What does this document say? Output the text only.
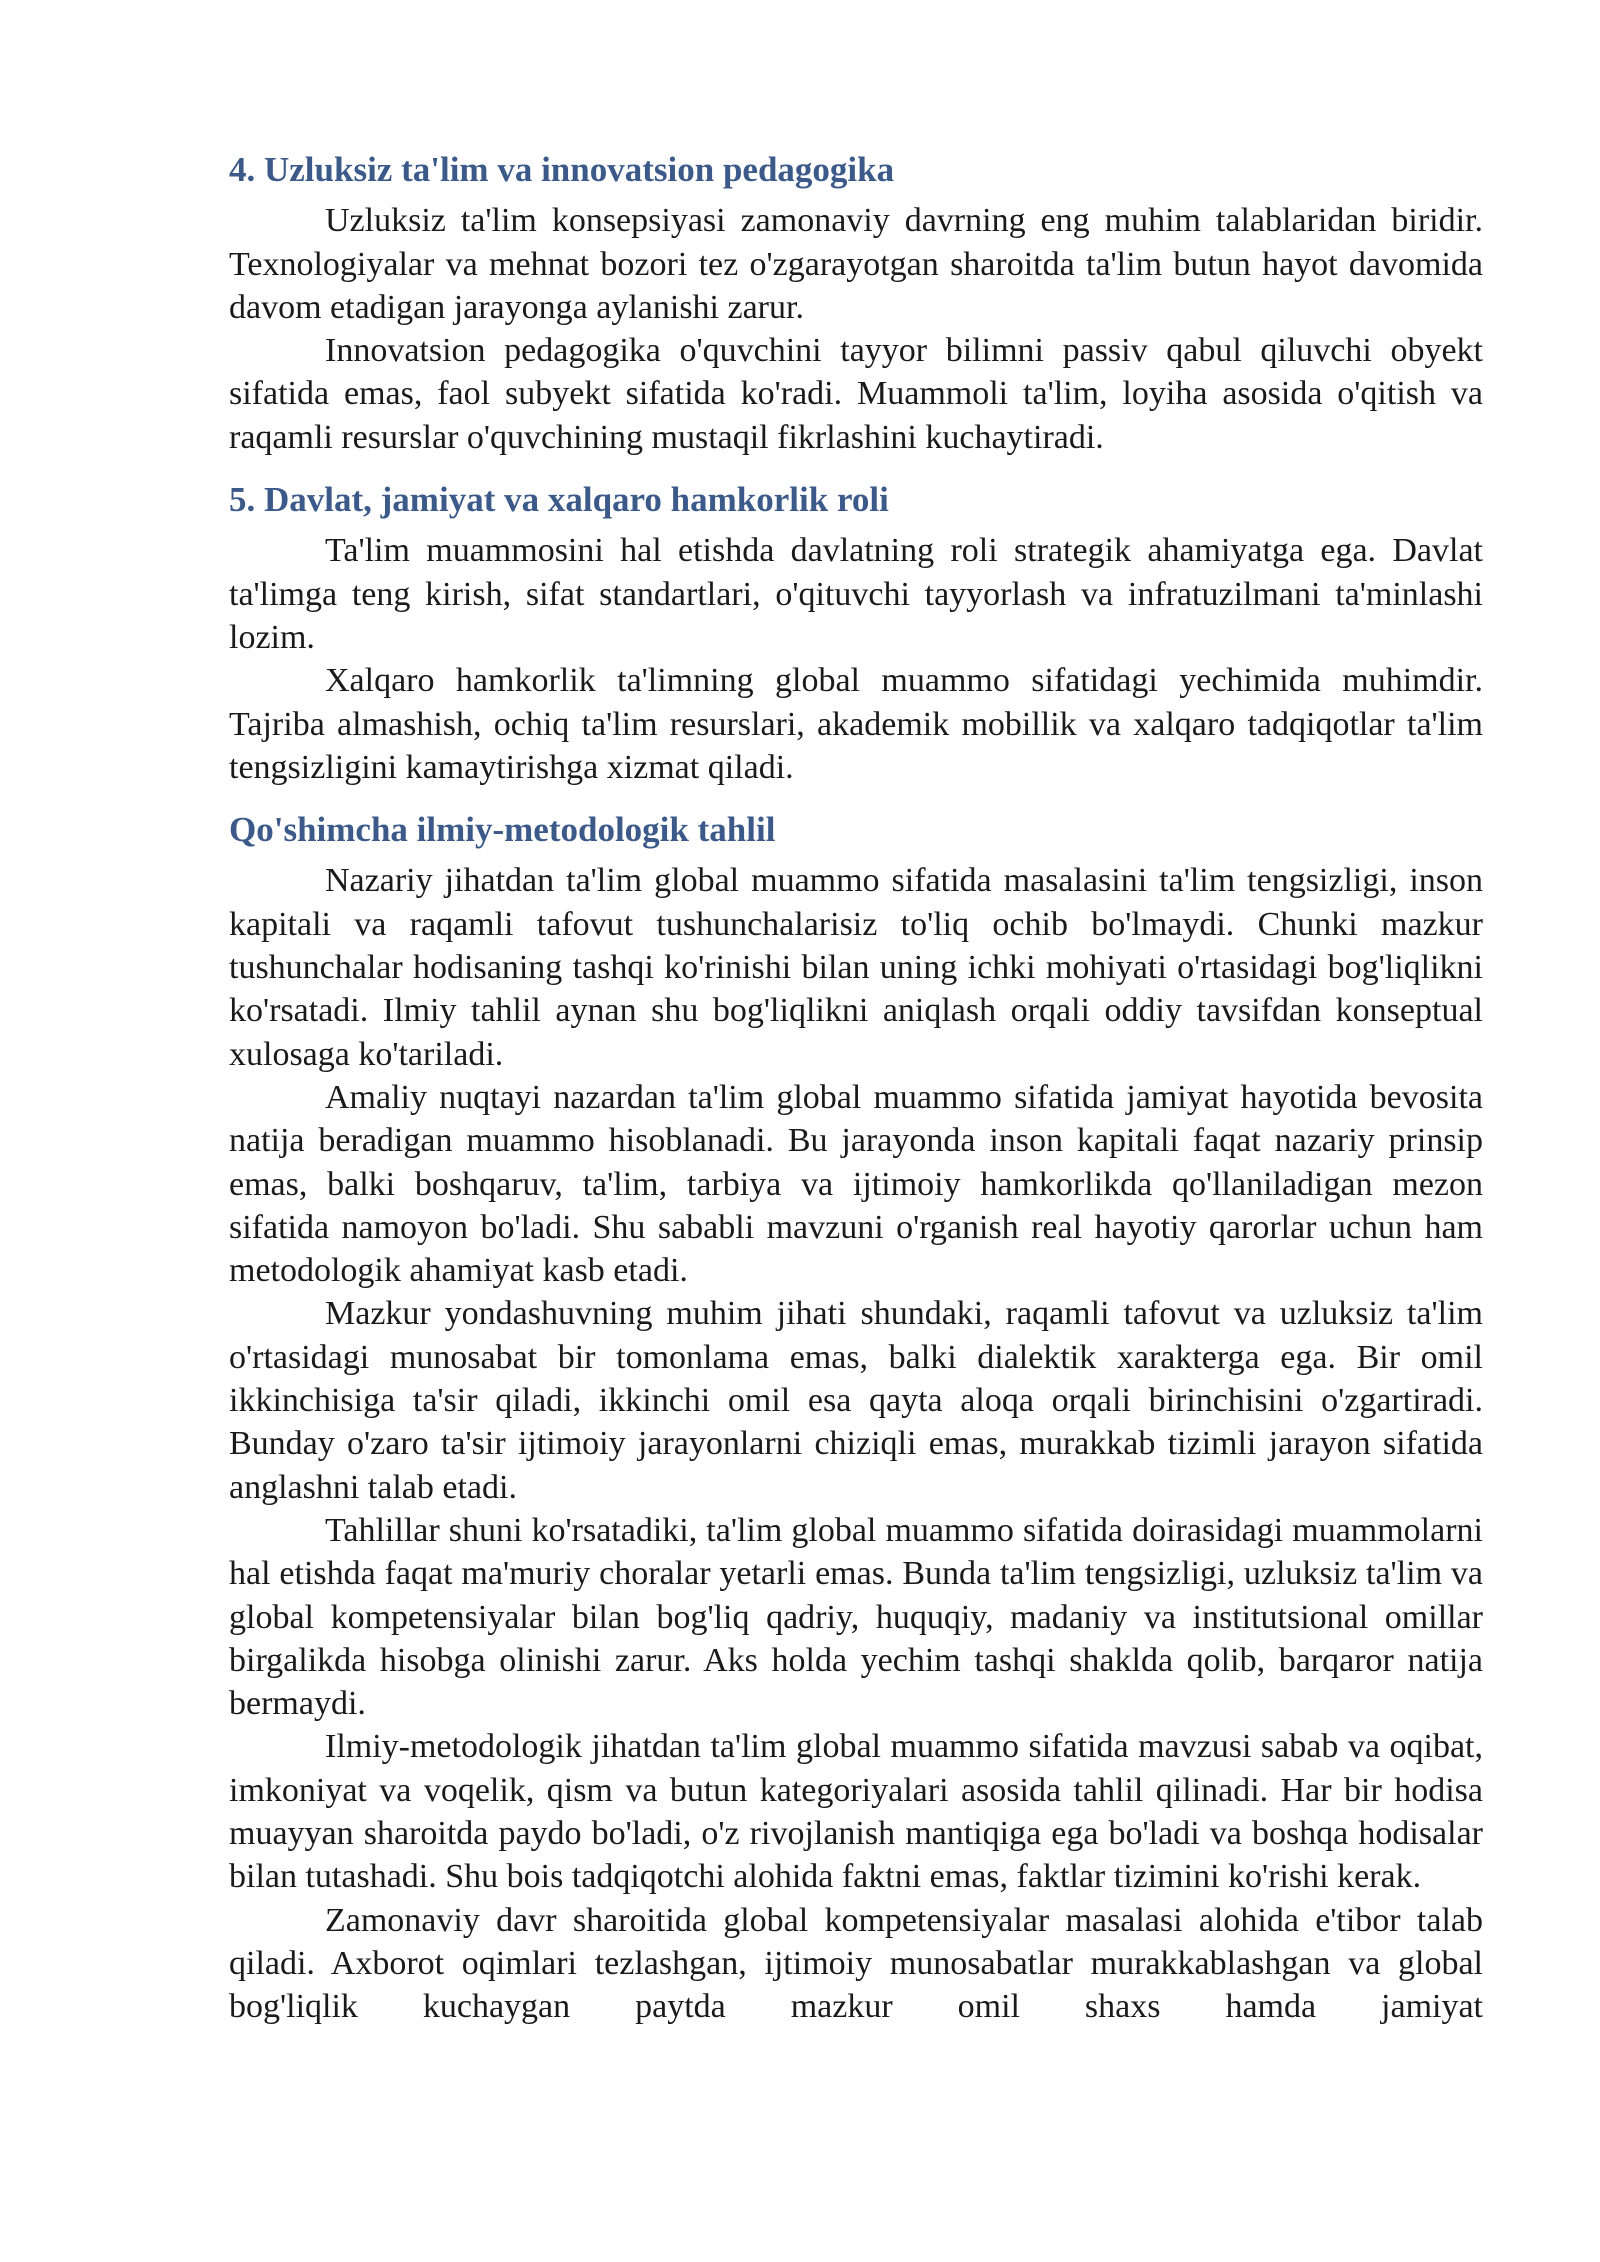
4. Uzluksiz ta'lim va innovatsion pedagogika

Uzluksiz ta'lim konsepsiyasi zamonaviy davrning eng muhim talablaridan biridir. Texnologiyalar va mehnat bozori tez o'zgarayotgan sharoitda ta'lim butun hayot davomida davom etadigan jarayonga aylanishi zarur.

Innovatsion pedagogika o'quvchini tayyor bilimni passiv qabul qiluvchi obyekt sifatida emas, faol subyekt sifatida ko'radi. Muammoli ta'lim, loyiha asosida o'qitish va raqamli resurslar o'quvchining mustaqil fikrlashini kuchaytiradi.

5. Davlat, jamiyat va xalqaro hamkorlik roli

Ta'lim muammosini hal etishda davlatning roli strategik ahamiyatga ega. Davlat ta'limga teng kirish, sifat standartlari, o'qituvchi tayyorlash va infratuzilmani ta'minlashi lozim.

Xalqaro hamkorlik ta'limning global muammo sifatidagi yechimida muhimdir. Tajriba almashish, ochiq ta'lim resurslari, akademik mobillik va xalqaro tadqiqotlar ta'lim tengsizligini kamaytirishga xizmat qiladi.

Qo'shimcha ilmiy-metodologik tahlil

Nazariy jihatdan ta'lim global muammo sifatida masalasini ta'lim tengsizligi, inson kapitali va raqamli tafovut tushunchalarisiz to'liq ochib bo'lmaydi. Chunki mazkur tushunchalar hodisaning tashqi ko'rinishi bilan uning ichki mohiyati o'rtasidagi bog'liqlikni ko'rsatadi. Ilmiy tahlil aynan shu bog'liqlikni aniqlash orqali oddiy tavsifdan konseptual xulosaga ko'tariladi.

Amaliy nuqtayi nazardan ta'lim global muammo sifatida jamiyat hayotida bevosita natija beradigan muammo hisoblanadi. Bu jarayonda inson kapitali faqat nazariy prinsip emas, balki boshqaruv, ta'lim, tarbiya va ijtimoiy hamkorlikda qo'llaniladigan mezon sifatida namoyon bo'ladi. Shu sababli mavzuni o'rganish real hayotiy qarorlar uchun ham metodologik ahamiyat kasb etadi.

Mazkur yondashuvning muhim jihati shundaki, raqamli tafovut va uzluksiz ta'lim o'rtasidagi munosabat bir tomonlama emas, balki dialektik xarakterga ega. Bir omil ikkinchisiga ta'sir qiladi, ikkinchi omil esa qayta aloqa orqali birinchisini o'zgartiradi. Bunday o'zaro ta'sir ijtimoiy jarayonlarni chiziqli emas, murakkab tizimli jarayon sifatida anglashni talab etadi.

Tahlillar shuni ko'rsatadiki, ta'lim global muammo sifatida doirasidagi muammolarni hal etishda faqat ma'muriy choralar yetarli emas. Bunda ta'lim tengsizligi, uzluksiz ta'lim va global kompetensiyalar bilan bog'liq qadriy, huquqiy, madaniy va institutsional omillar birgalikda hisobga olinishi zarur. Aks holda yechim tashqi shaklda qolib, barqaror natija bermaydi.

Ilmiy-metodologik jihatdan ta'lim global muammo sifatida mavzusi sabab va oqibat, imkoniyat va voqelik, qism va butun kategoriyalari asosida tahlil qilinadi. Har bir hodisa muayyan sharoitda paydo bo'ladi, o'z rivojlanish mantiqiga ega bo'ladi va boshqa hodisalar bilan tutashadi. Shu bois tadqiqotchi alohida faktni emas, faktlar tizimini ko'rishi kerak.

Zamonaviy davr sharoitida global kompetensiyalar masalasi alohida e'tibor talab qiladi. Axborot oqimlari tezlashgan, ijtimoiy munosabatlar murakkablashgan va global bog'liqlik kuchaygan paytda mazkur omil shaxs hamda jamiyat
